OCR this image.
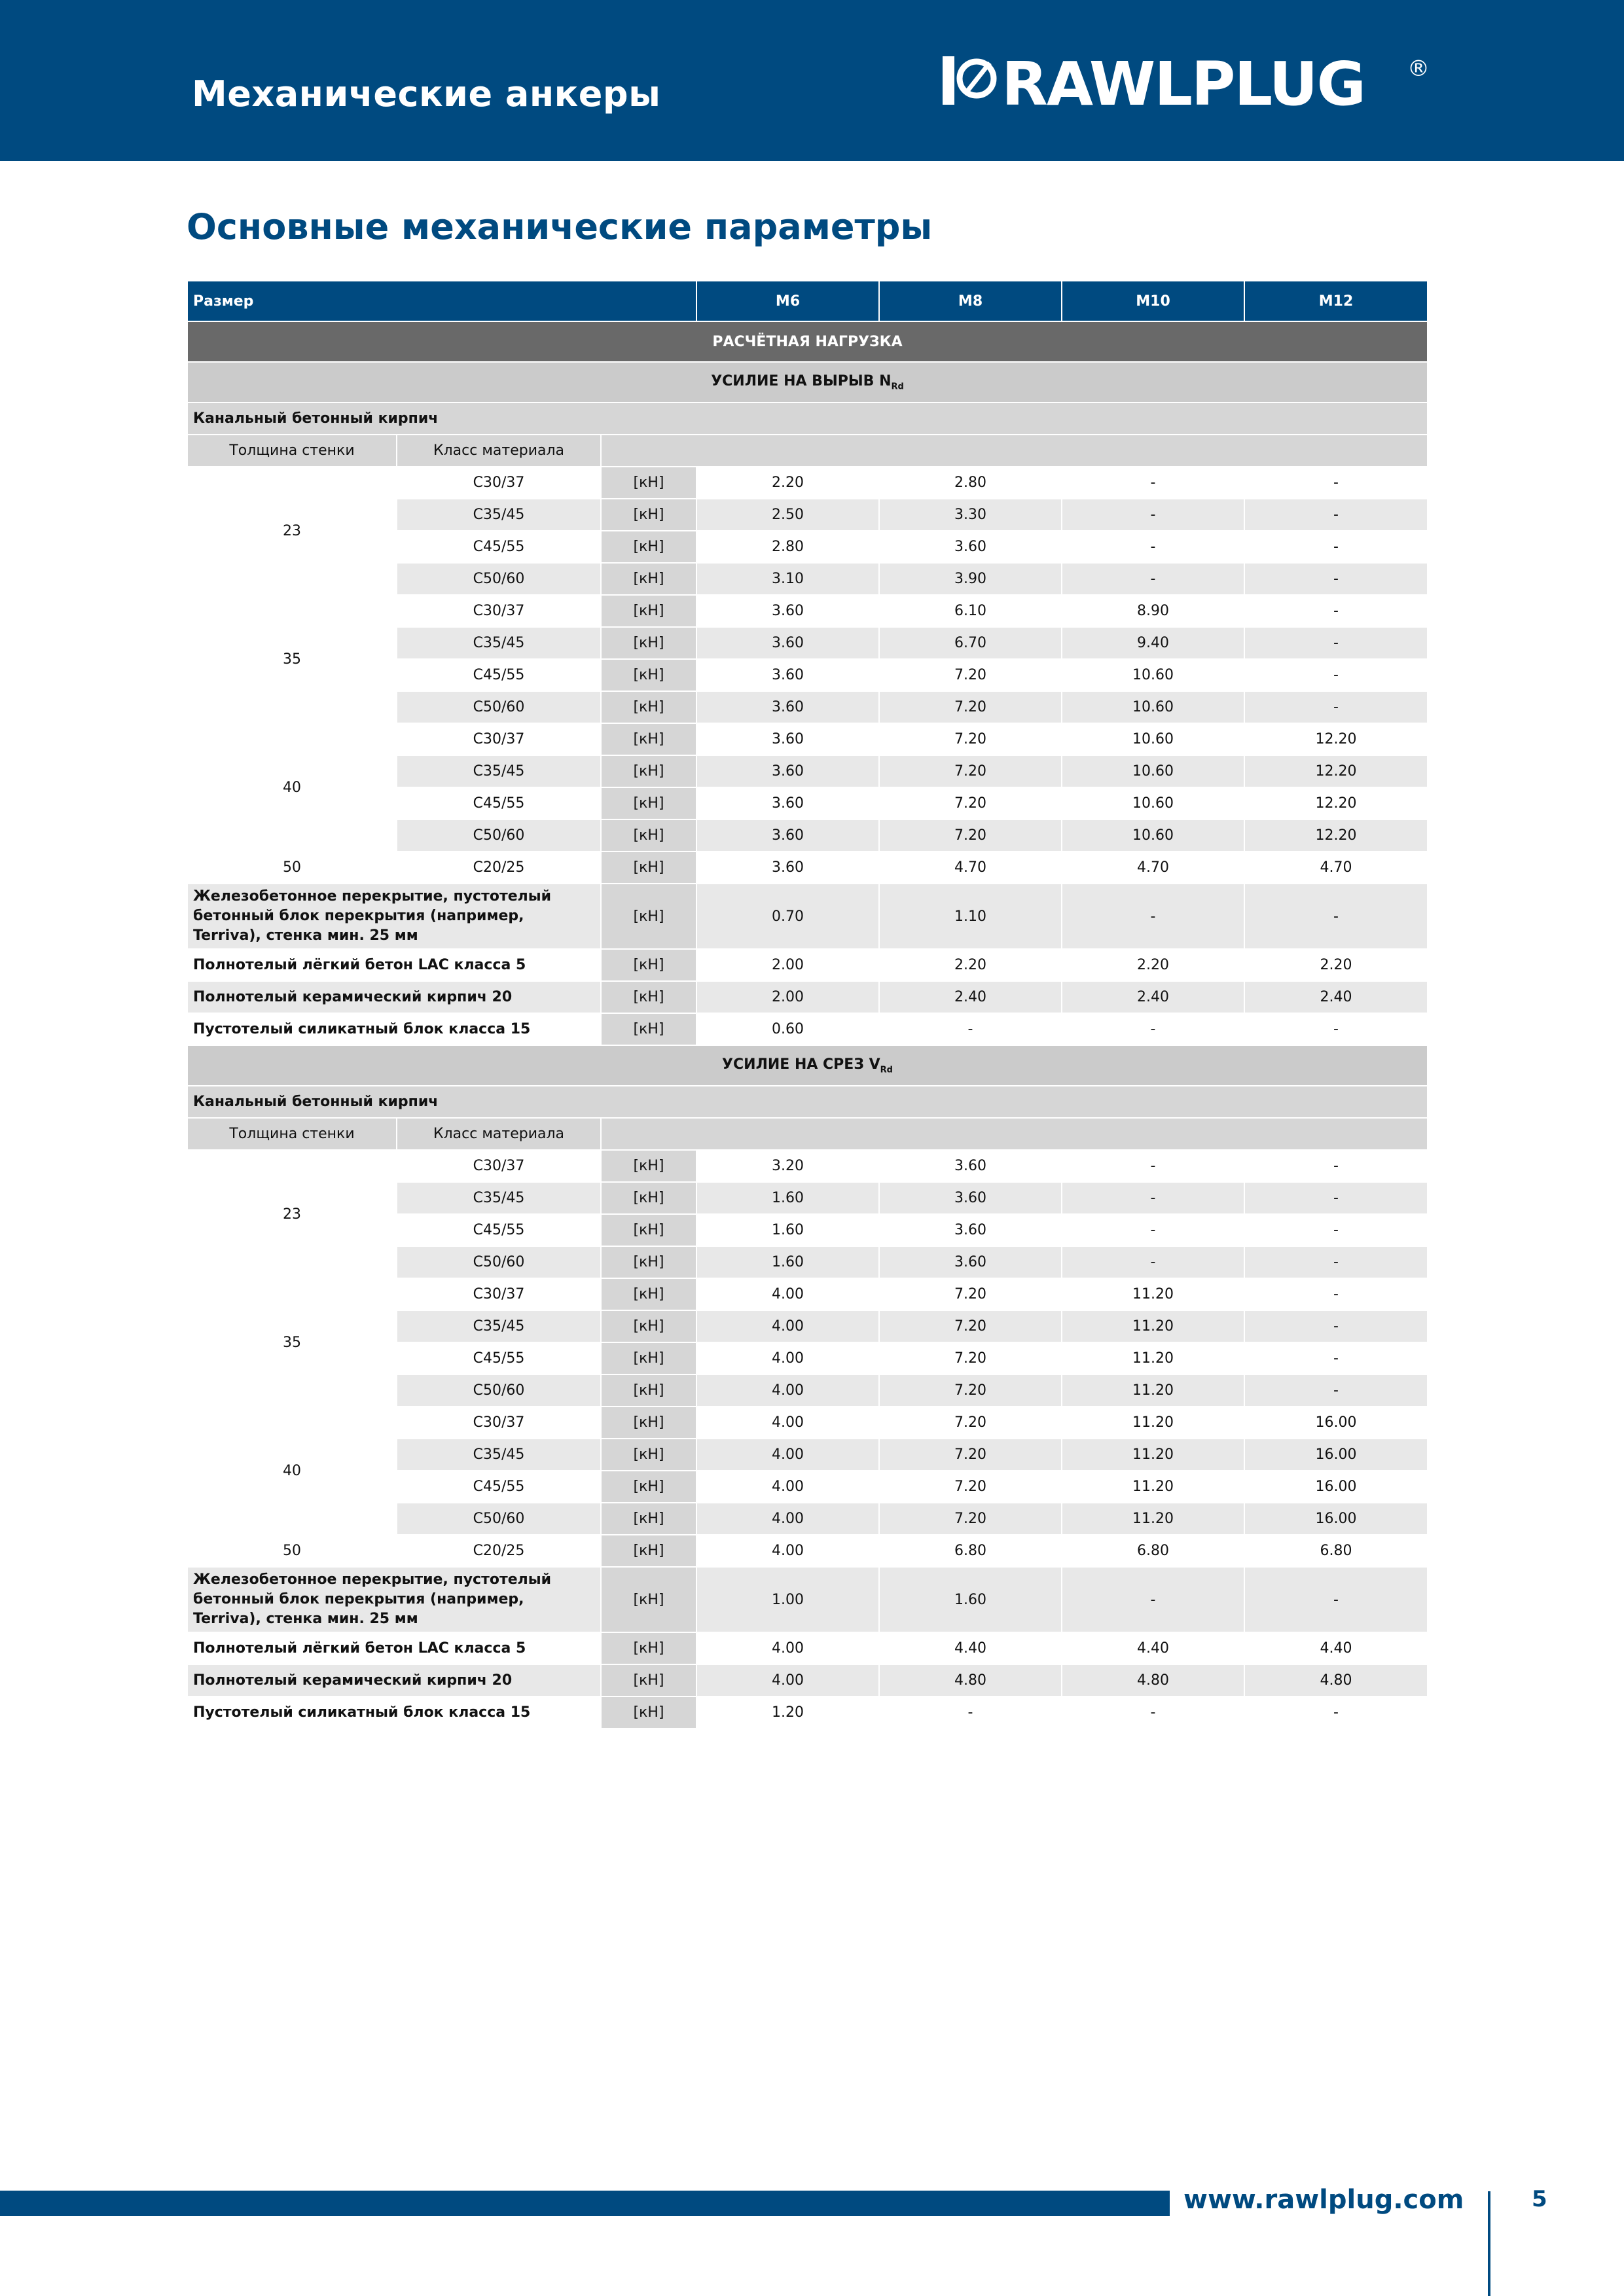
Механические анкеры	RAWLPLUG ®
Основные механические параметры
Размер			M6	M8	M10	M12
РАСЧЁТНАЯ НАГРУЗКА						
УСИЛИЕ НА ВЫРЫВ $N_{Rd}$
Канальный бетонный кирпич						
Толщина стенки	Класс материала					
23	C30/37	[кН]	2.20	2.80	-	-
	C35/45	[кН]	2.50	3.30	-	-
	C45/55	[кН]	2.80	3.60	-	-
	C50/60	[кН]	3.10	3.90	-	-
35	C30/37	[кН]	3.60	6.10	8.90	-
	C35/45	[кН]	3.60	6.70	9.40	-
	C45/55	[кН]	3.60	7.20	10.60	-
	C50/60	[кН]	3.60	7.20	10.60	-
40	C30/37	[кН]	3.60	7.20	10.60	12.20
	C35/45	[кН]	3.60	7.20	10.60	12.20
	C45/55	[кН]	3.60	7.20	10.60	12.20
	C50/60	[кН]	3.60	7.20	10.60	12.20
50	C20/25	[кН]	3.60	4.70	4.70	4.70
Железобетонное перекрытие, пустотелый бетонный блок перекрытия (например, Terriva), стенка мин. 25 мм		[кН]	0.70	1.10	-	-
Полнотелый лёгкий бетон LAC класса 5		[кН]	2.00	2.20	2.20	2.20
Полнотелый керамический кирпич 20		[кН]	2.00	2.40	2.40	2.40
Пустотелый силикатный блок класса 15		[кН]	0.60	-	-	-
УСИЛИЕ НА СРЕЗ $V_{Rd}$
Канальный бетонный кирпич						
Толщина стенки	Класс материала					
23	C30/37	[кН]	3.20	3.60	-	-
	C35/45	[кН]	1.60	3.60	-	-
	C45/55	[кН]	1.60	3.60	-	-
	C50/60	[кН]	1.60	3.60	-	-
35	C30/37	[кН]	4.00	7.20	11.20	-
	C35/45	[кН]	4.00	7.20	11.20	-
	C45/55	[кН]	4.00	7.20	11.20	-
	C50/60	[кН]	4.00	7.20	11.20	-
40	C30/37	[кН]	4.00	7.20	11.20	16.00
	C35/45	[кН]	4.00	7.20	11.20	16.00
	C45/55	[кН]	4.00	7.20	11.20	16.00
	C50/60	[кН]	4.00	7.20	11.20	16.00
50	C20/25	[кН]	4.00	6.80	6.80	6.80
Железобетонное перекрытие, пустотелый бетонный блок перекрытия (например, Terriva), стенка мин. 25 мм		[кН]	1.00	1.60	-	-
Полнотелый лёгкий бетон LAC класса 5		[кН]	4.00	4.40	4.40	4.40
Полнотелый керамический кирпич 20		[кН]	4.00	4.80	4.80	4.80
Пустотелый силикатный блок класса 15		[кН]	1.20	-	-	-
www.rawlplug.com	5
